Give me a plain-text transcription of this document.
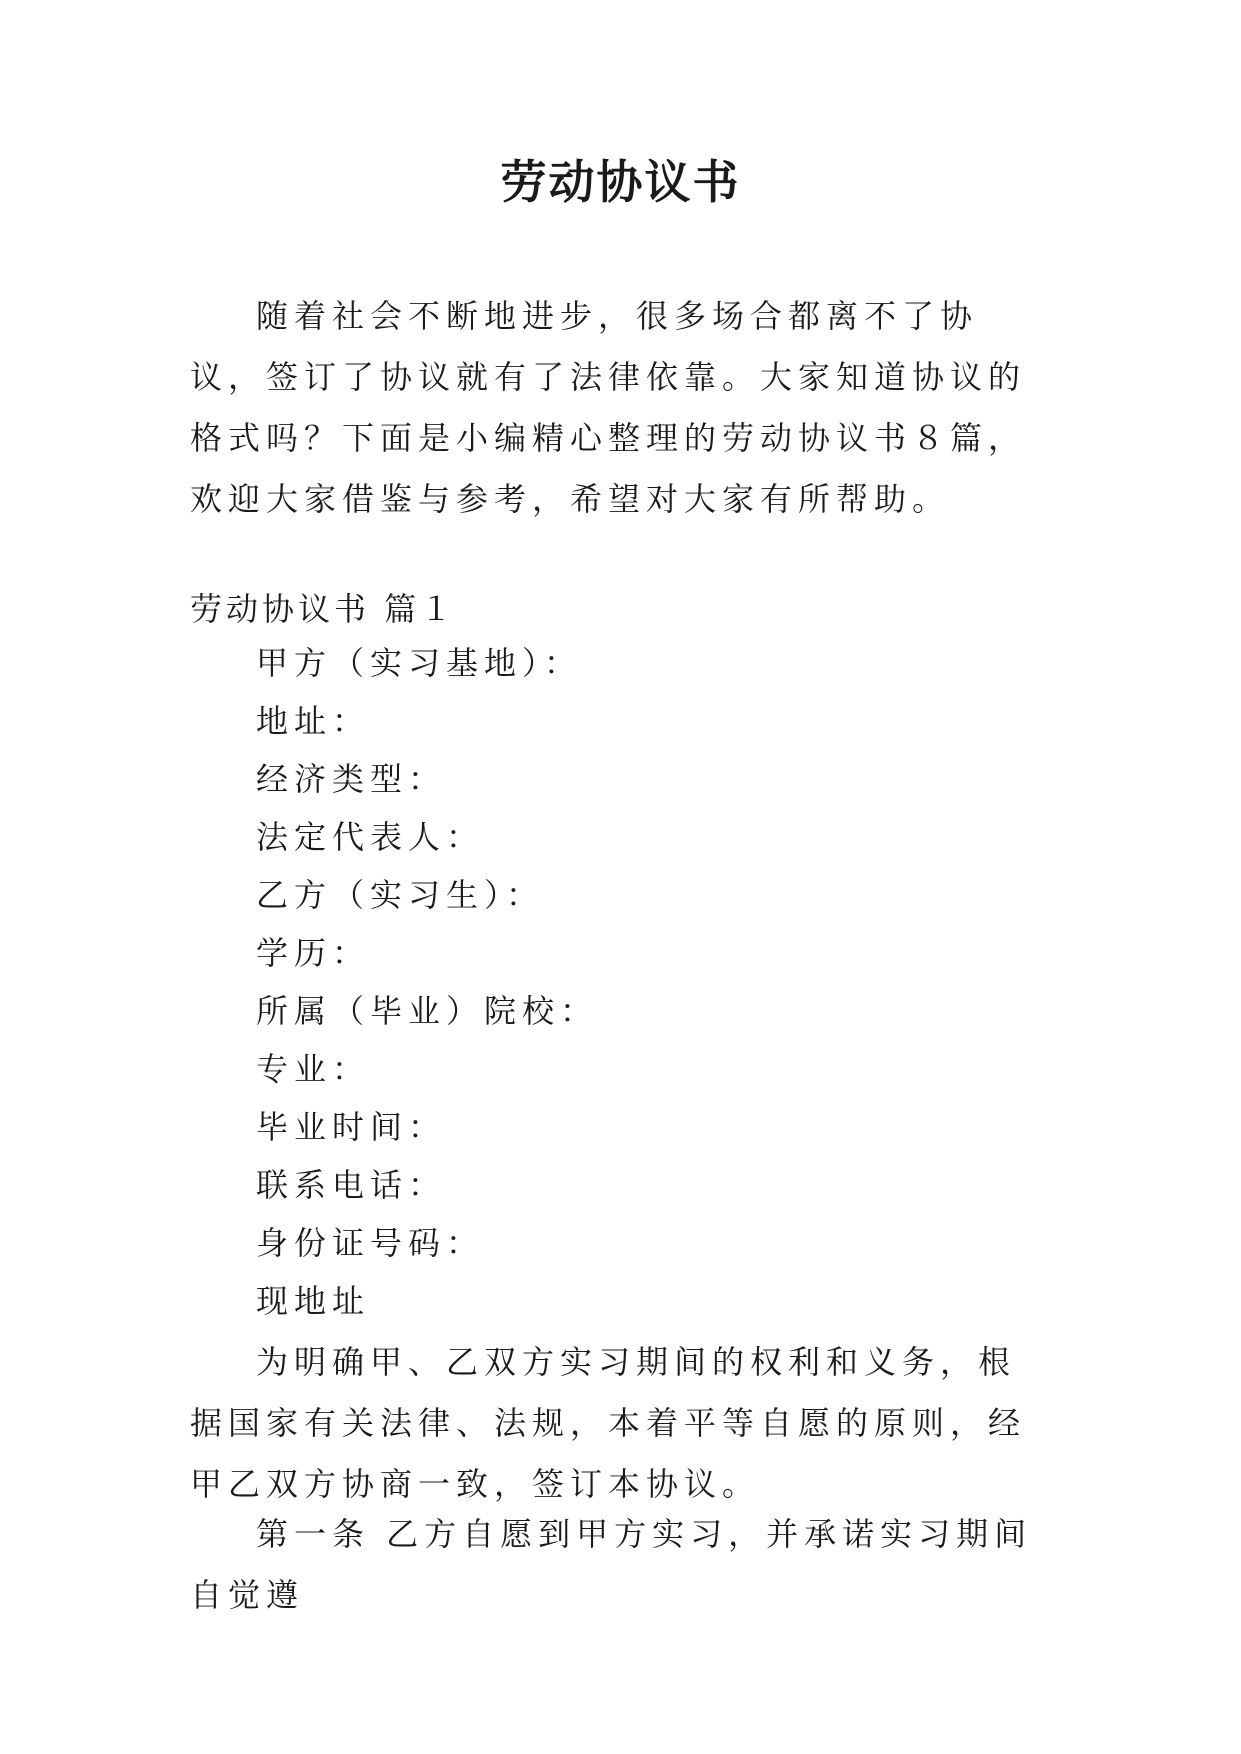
劳动协议书

随着社会不断地进步，很多场合都离不了协议，签订了协议就有了法律依靠。大家知道协议的格式吗？下面是小编精心整理的劳动协议书８篇，欢迎大家借鉴与参考，希望对大家有所帮助。

劳动协议书 篇１
甲方（实习基地）：
地址：
经济类型：
法定代表人：
乙方（实习生）：
学历：
所属（毕业）院校：
专业：
毕业时间：
联系电话：
身份证号码：
现地址

为明确甲、乙双方实习期间的权利和义务，根据国家有关法律、法规，本着平等自愿的原则，经甲乙双方协商一致，签订本协议。

第一条 乙方自愿到甲方实习，并承诺实习期间自觉遵
